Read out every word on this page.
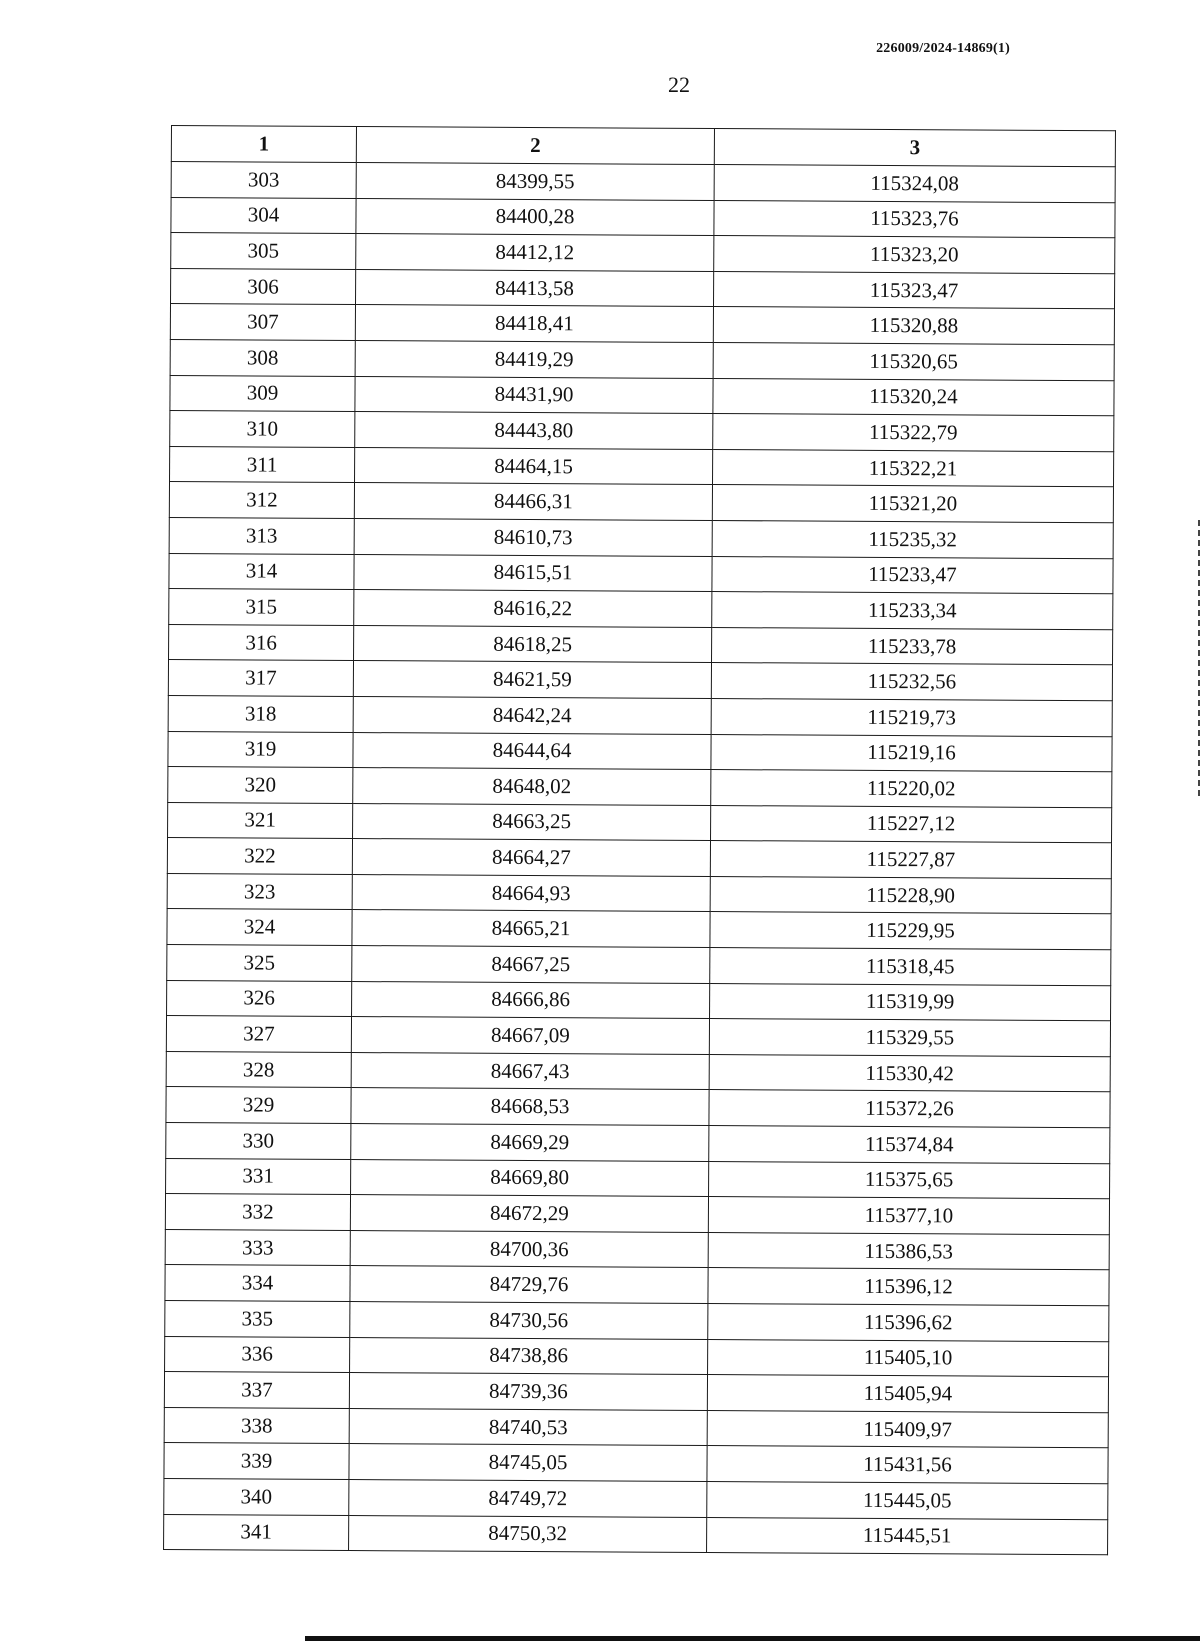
226009/2024-14869(1)
22
1	2	3
303	84399,55	115324,08
304	84400,28	115323,76
305	84412,12	115323,20
306	84413,58	115323,47
307	84418,41	115320,88
308	84419,29	115320,65
309	84431,90	115320,24
310	84443,80	115322,79
311	84464,15	115322,21
312	84466,31	115321,20
313	84610,73	115235,32
314	84615,51	115233,47
315	84616,22	115233,34
316	84618,25	115233,78
317	84621,59	115232,56
318	84642,24	115219,73
319	84644,64	115219,16
320	84648,02	115220,02
321	84663,25	115227,12
322	84664,27	115227,87
323	84664,93	115228,90
324	84665,21	115229,95
325	84667,25	115318,45
326	84666,86	115319,99
327	84667,09	115329,55
328	84667,43	115330,42
329	84668,53	115372,26
330	84669,29	115374,84
331	84669,80	115375,65
332	84672,29	115377,10
333	84700,36	115386,53
334	84729,76	115396,12
335	84730,56	115396,62
336	84738,86	115405,10
337	84739,36	115405,94
338	84740,53	115409,97
339	84745,05	115431,56
340	84749,72	115445,05
341	84750,32	115445,51
